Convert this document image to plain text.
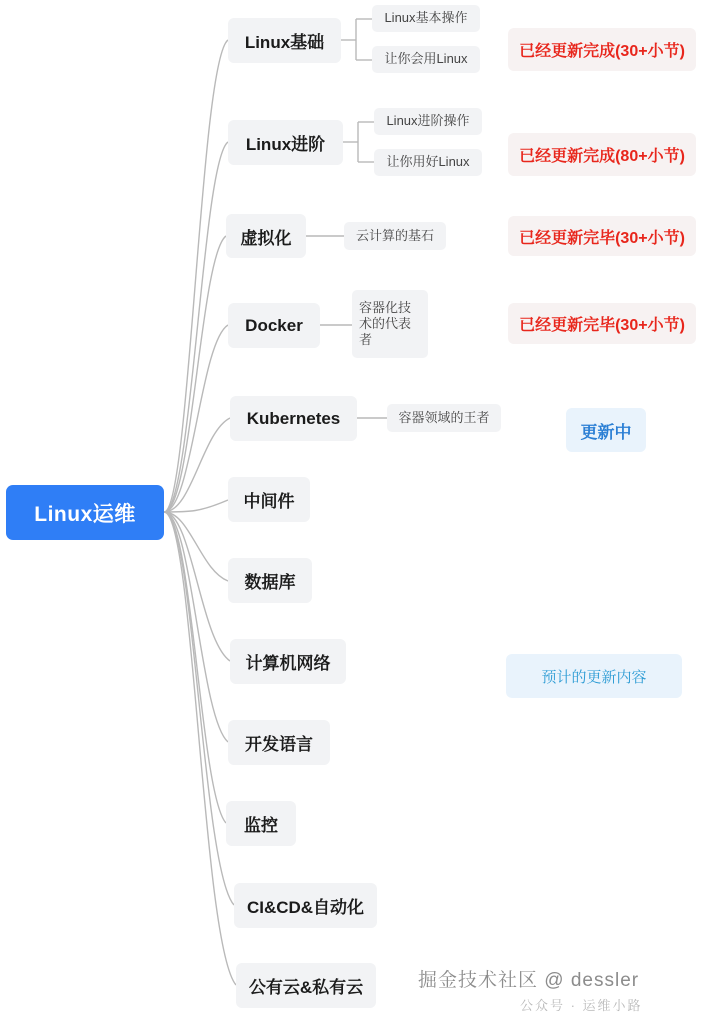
Linux运维
Linux基础
Linux基本操作
让你会用Linux	已经更新完成(30+小节)
Linux进阶
Linux进阶操作
让你用好Linux	已经更新完成(80+小节)
虚拟化	云计算的基石	已经更新完毕(30+小节)
Docker
容器化技术的代表者
已经更新完毕(30+小节)
Kubernetes	容器领域的王者
更新中
中间件
数据库
计算机网络
开发语言
监控
CI&CD&自动化
公有云&私有云
预计的更新内容
掘金技术社区 @ dessler
公众号 · 运维小路
